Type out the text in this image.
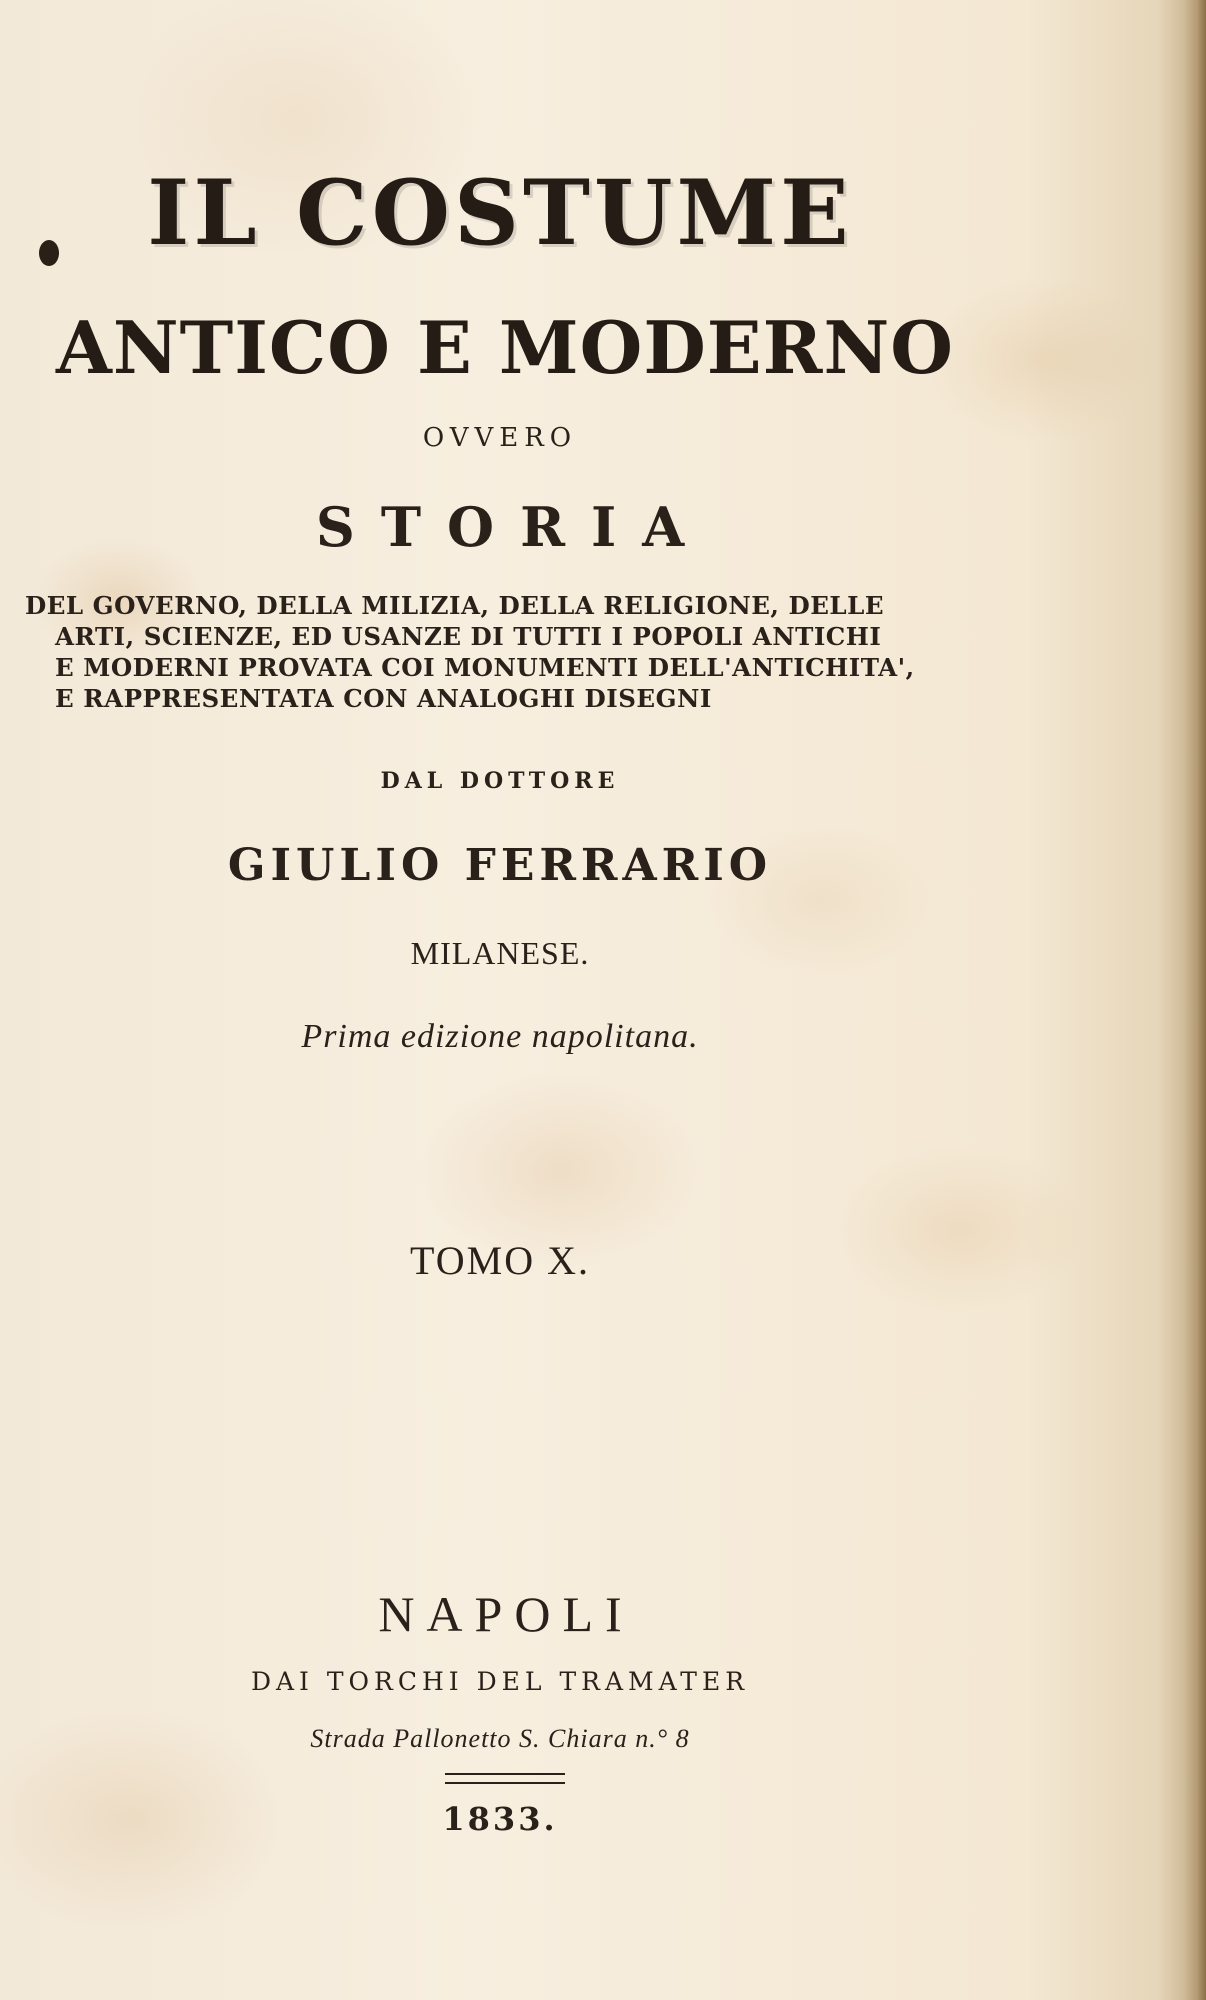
IL COSTUME
ANTICO E MODERNO
OVVERO
STORIA
DEL GOVERNO, DELLA MILIZIA, DELLA RELIGIONE, DELLE
ARTI, SCIENZE, ED USANZE DI TUTTI I POPOLI ANTICHI
E MODERNI PROVATA COI MONUMENTI DELL'ANTICHITA',
E RAPPRESENTATA CON ANALOGHI DISEGNI
DAL DOTTORE
GIULIO FERRARIO
MILANESE.
Prima edizione napolitana.
TOMO X.
NAPOLI
DAI TORCHI DEL TRAMATER
Strada Pallonetto S. Chiara n.° 8
1833.
